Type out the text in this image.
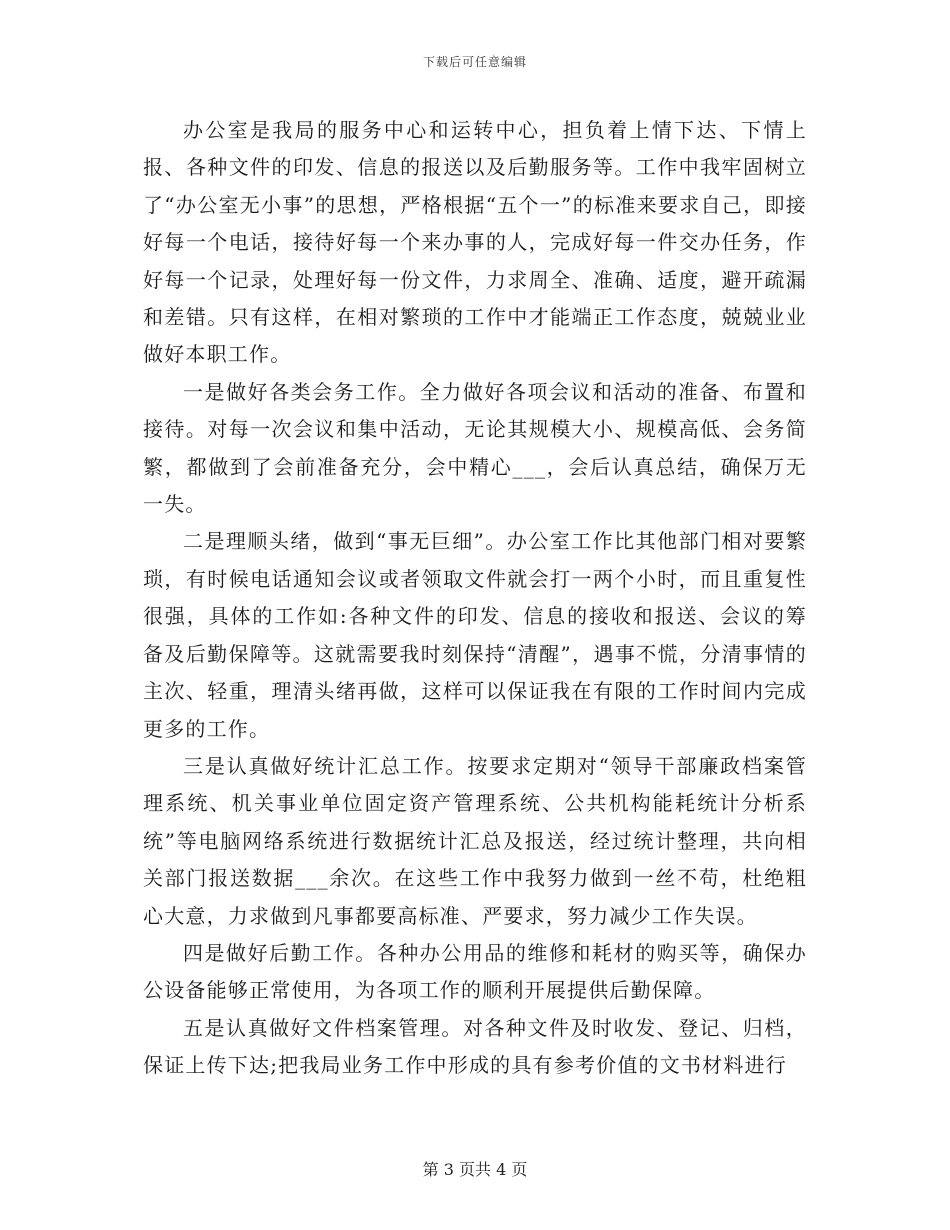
下载后可任意编辑

办公室是我局的服务中心和运转中心，担负着上情下达、下情上报、各种文件的印发、信息的报送以及后勤服务等。工作中我牢固树立了“办公室无小事”的思想，严格根据“五个一”的标准来要求自己，即接好每一个电话，接待好每一个来办事的人，完成好每一件交办任务，作好每一个记录，处理好每一份文件，力求周全、准确、适度，避开疏漏和差错。只有这样，在相对繁琐的工作中才能端正工作态度，兢兢业业做好本职工作。

一是做好各类会务工作。全力做好各项会议和活动的准备、布置和接待。对每一次会议和集中活动，无论其规模大小、规模高低、会务简繁，都做到了会前准备充分，会中精心___，会后认真总结，确保万无一失。

二是理顺头绪，做到“事无巨细”。办公室工作比其他部门相对要繁琐，有时候电话通知会议或者领取文件就会打一两个小时，而且重复性很强，具体的工作如:各种文件的印发、信息的接收和报送、会议的筹备及后勤保障等。这就需要我时刻保持“清醒”，遇事不慌，分清事情的主次、轻重，理清头绪再做，这样可以保证我在有限的工作时间内完成更多的工作。

三是认真做好统计汇总工作。按要求定期对“领导干部廉政档案管理系统、机关事业单位固定资产管理系统、公共机构能耗统计分析系统”等电脑网络系统进行数据统计汇总及报送，经过统计整理，共向相关部门报送数据___余次。在这些工作中我努力做到一丝不苟，杜绝粗心大意，力求做到凡事都要高标准、严要求，努力减少工作失误。

四是做好后勤工作。各种办公用品的维修和耗材的购买等，确保办公设备能够正常使用，为各项工作的顺利开展提供后勤保障。

五是认真做好文件档案管理。对各种文件及时收发、登记、归档，保证上传下达;把我局业务工作中形成的具有参考价值的文书材料进行

第 3 页共 4 页
